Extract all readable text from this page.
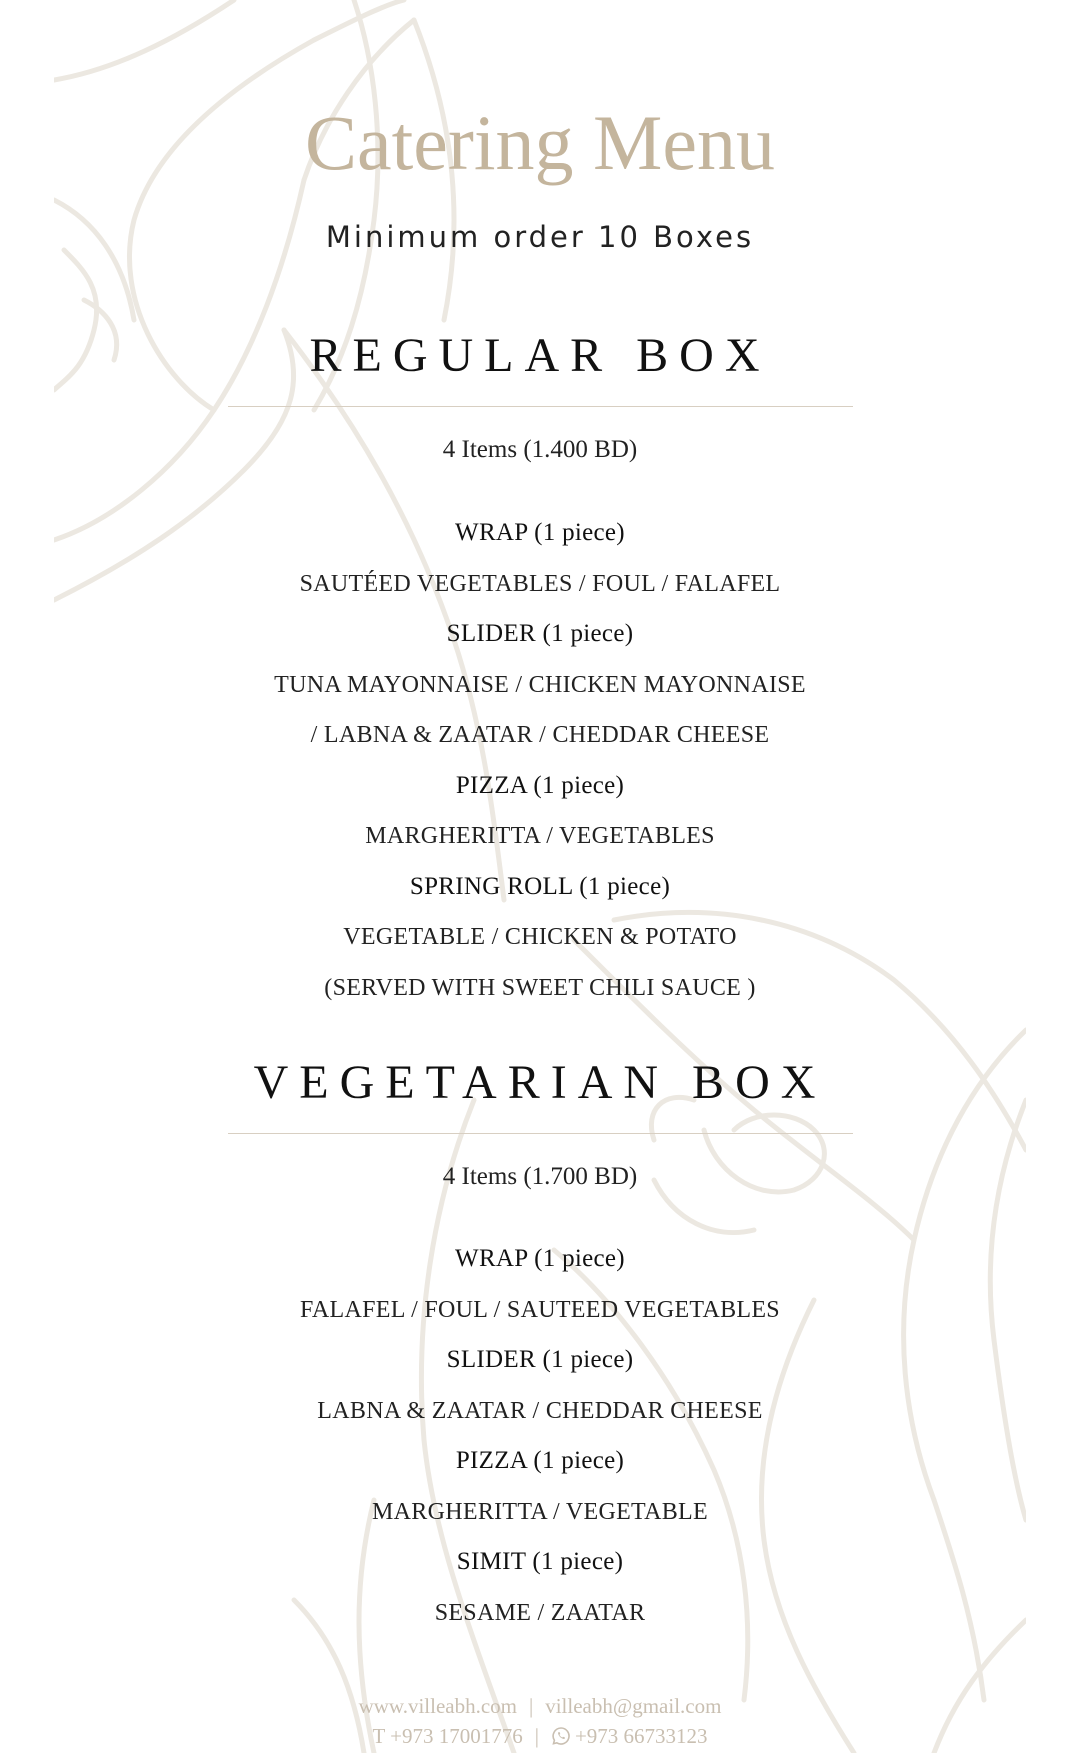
Catering Menu
Minimum order 10 Boxes
REGULAR BOX
4 Items (1.400 BD)
WRAP (1 piece)
SAUTÉED VEGETABLES / FOUL / FALAFEL
SLIDER (1 piece)
TUNA MAYONNAISE / CHICKEN MAYONNAISE
/ LABNA & ZAATAR / CHEDDAR CHEESE
PIZZA (1 piece)
MARGHERITTA / VEGETABLES
SPRING ROLL (1 piece)
VEGETABLE / CHICKEN & POTATO
(SERVED WITH SWEET CHILI SAUCE )
VEGETARIAN BOX
4 Items (1.700 BD)
WRAP (1 piece)
FALAFEL / FOUL / SAUTEED VEGETABLES
SLIDER (1 piece)
LABNA & ZAATAR / CHEDDAR CHEESE
PIZZA (1 piece)
MARGHERITTA / VEGETABLE
SIMIT (1 piece)
SESAME / ZAATAR
www.villeabh.com | villeabh@gmail.com
T +973 17001776 | +973 66733123
